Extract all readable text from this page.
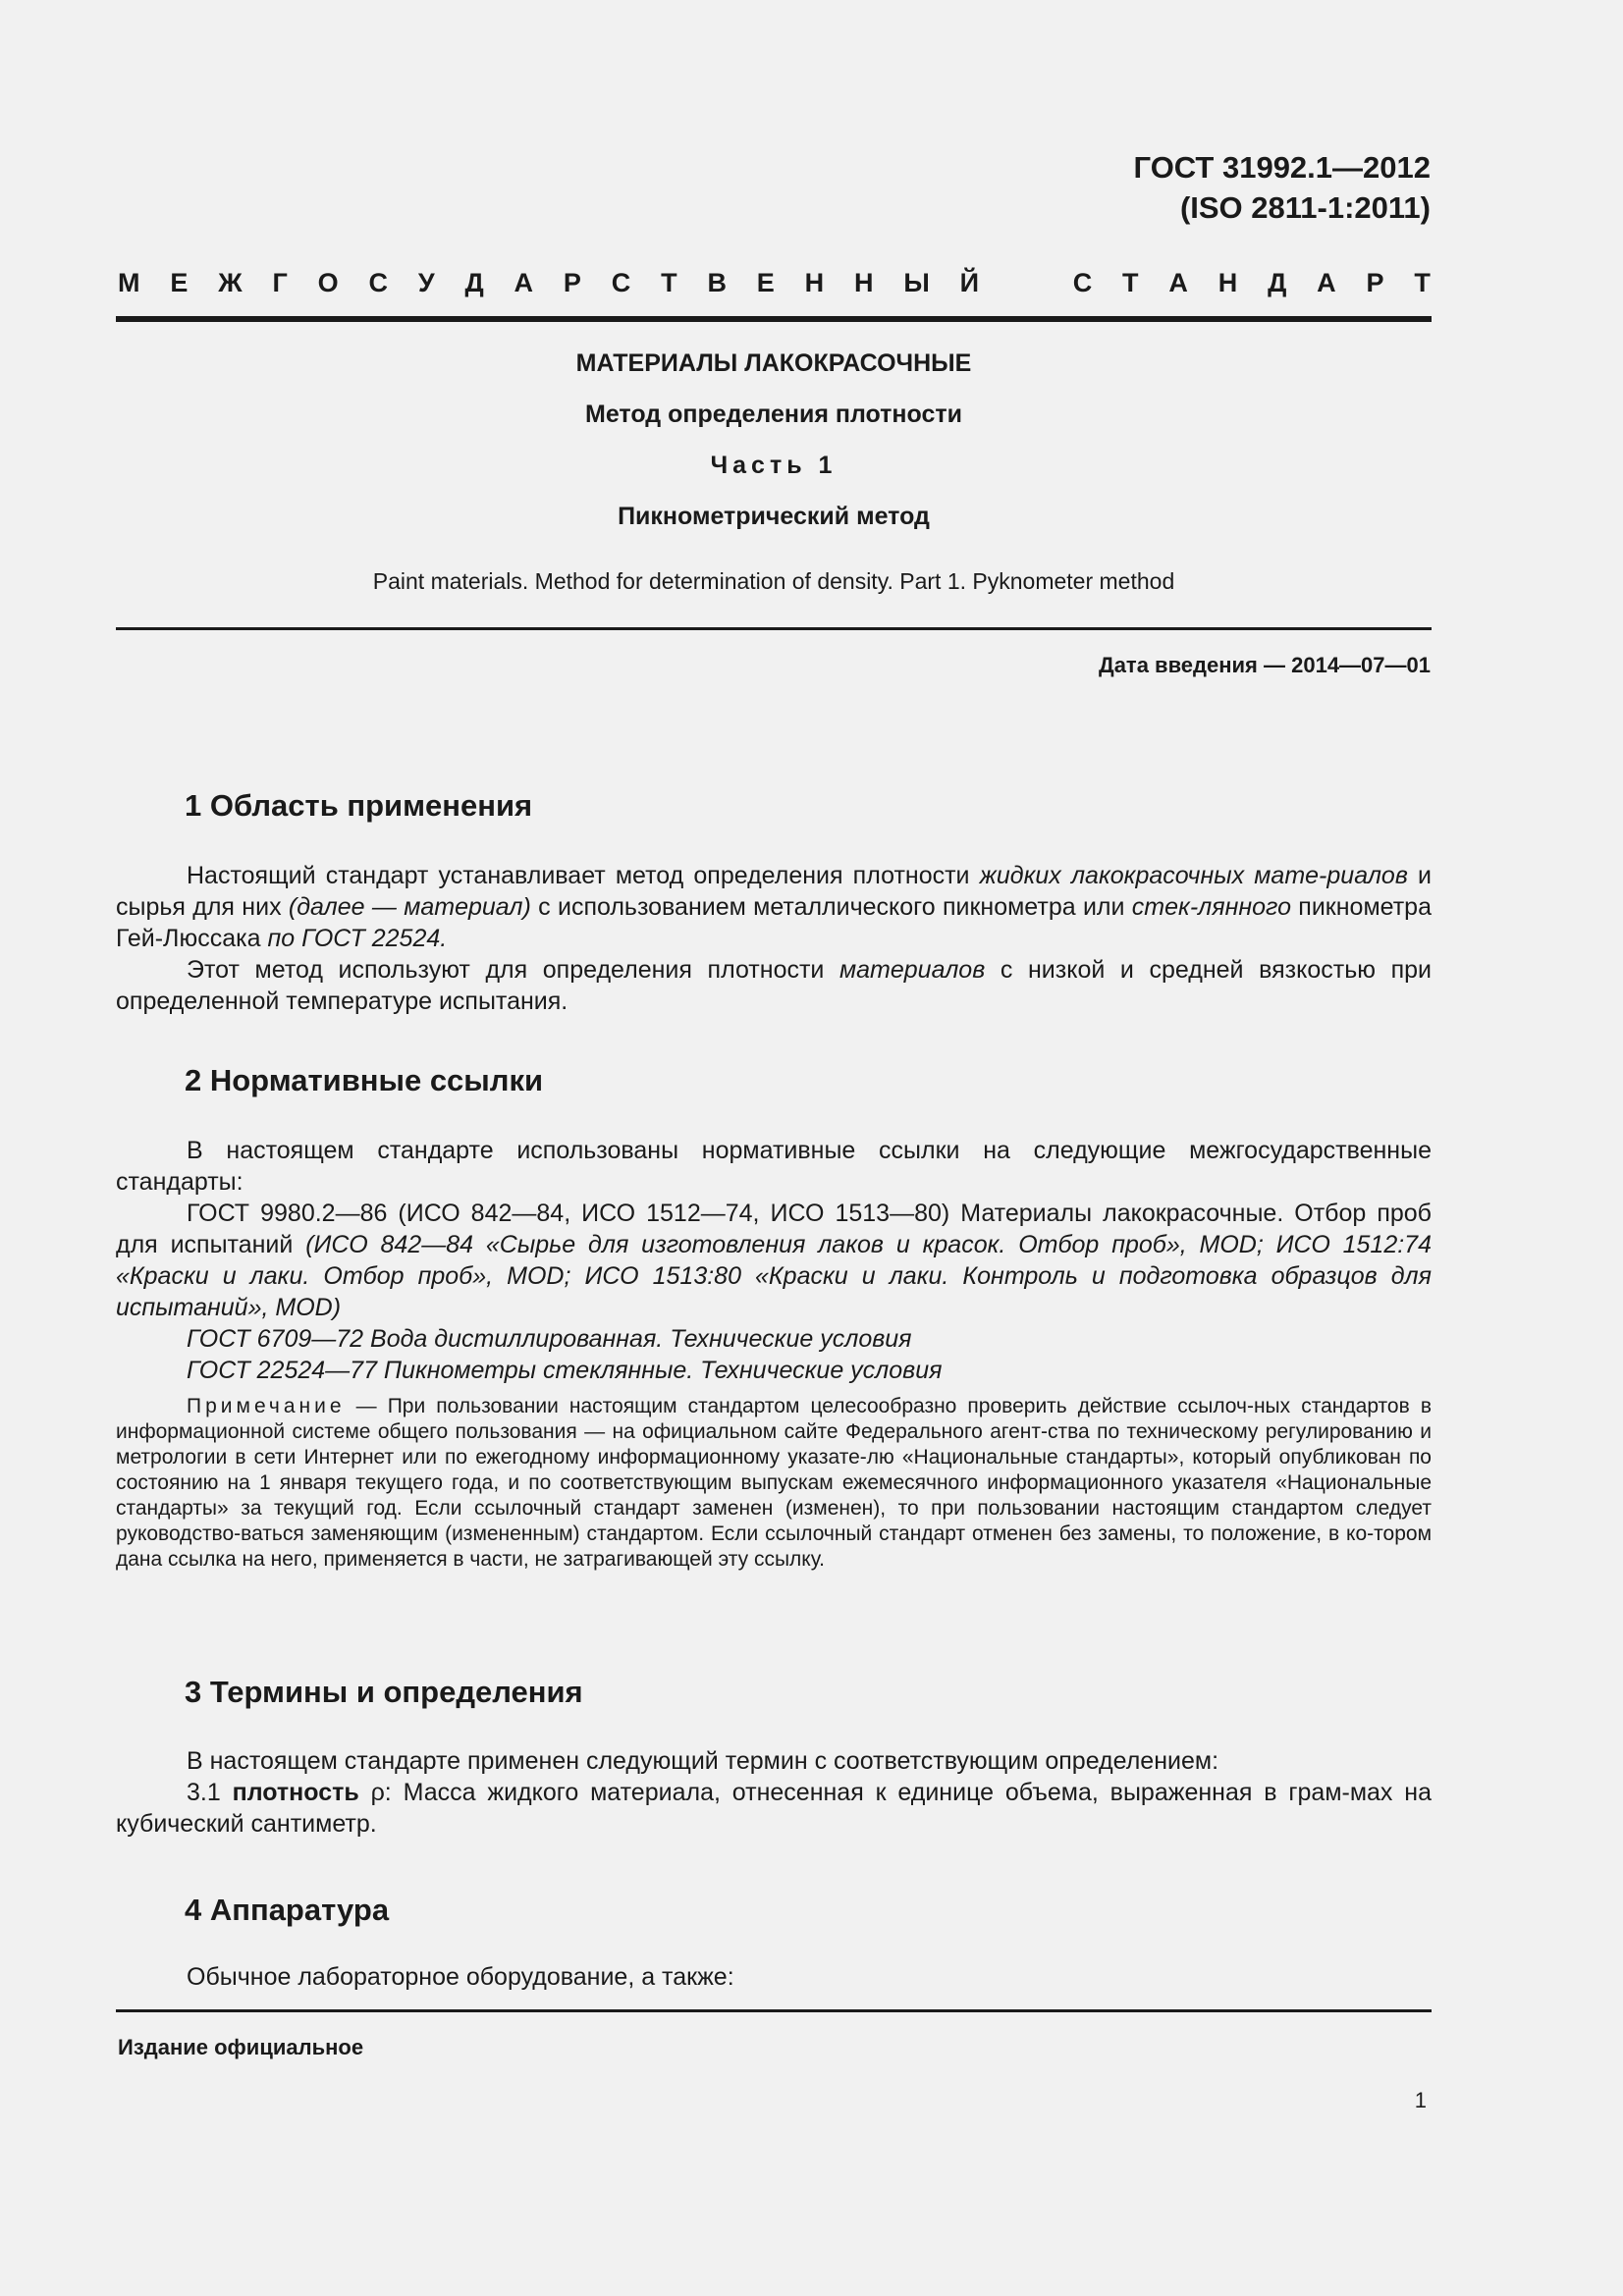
ГОСТ 31992.1—2012
(ISO 2811-1:2011)
М Е Ж Г О С У Д А Р С Т В Е Н Н Ы Й	С Т А Н Д А Р Т
МАТЕРИАЛЫ ЛАКОКРАСОЧНЫЕ
Метод определения плотности
Часть 1
Пикнометрический метод
Paint materials. Method for determination of density. Part 1. Pyknometer method
Дата введения — 2014—07—01
1 Область применения

Настоящий стандарт устанавливает метод определения плотности жидких лакокрасочных мате-риалов и сырья для них (далее — материал) с использованием металлического пикнометра или стек-лянного пикнометра Гей-Люссака по ГОСТ 22524.

Этот метод используют для определения плотности материалов с низкой и средней вязкостью при определенной температуре испытания.

2 Нормативные ссылки

В настоящем стандарте использованы нормативные ссылки на следующие межгосударственные стандарты:

ГОСТ 9980.2—86 (ИСО 842—84, ИСО 1512—74, ИСО 1513—80) Материалы лакокрасочные. Отбор проб для испытаний (ИСО 842—84 «Сырье для изготовления лаков и красок. Отбор проб», MOD; ИСО 1512:74 «Краски и лаки. Отбор проб», MOD; ИСО 1513:80 «Краски и лаки. Контроль и подготовка образцов для испытаний», MOD)

ГОСТ 6709—72 Вода дистиллированная. Технические условия

ГОСТ 22524—77 Пикнометры стеклянные. Технические условия

Примечание — При пользовании настоящим стандартом целесообразно проверить действие ссылоч-ных стандартов в информационной системе общего пользования — на официальном сайте Федерального агент-ства по техническому регулированию и метрологии в сети Интернет или по ежегодному информационному указате-лю «Национальные стандарты», который опубликован по состоянию на 1 января текущего года, и по соответствующим выпускам ежемесячного информационного указателя «Национальные стандарты» за текущий год. Если ссылочный стандарт заменен (изменен), то при пользовании настоящим стандартом следует руководство-ваться заменяющим (измененным) стандартом. Если ссылочный стандарт отменен без замены, то положение, в ко-тором дана ссылка на него, применяется в части, не затрагивающей эту ссылку.

3 Термины и определения

В настоящем стандарте применен следующий термин с соответствующим определением:

3.1 плотность ρ: Масса жидкого материала, отнесенная к единице объема, выраженная в грам-мах на кубический сантиметр.

4 Аппаратура

Обычное лабораторное оборудование, а также:

Издание официальное
1
